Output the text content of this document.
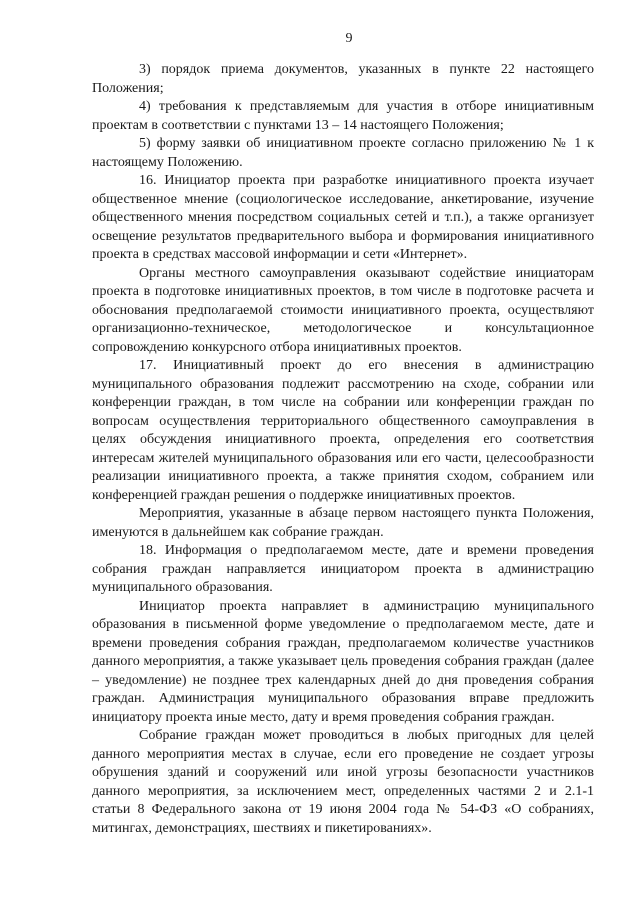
9

3) порядок приема документов, указанных в пункте 22 настоящего Положения;

4) требования к представляемым для участия в отборе инициативным проектам в соответствии с пунктами 13 – 14 настоящего Положения;

5) форму заявки об инициативном проекте согласно приложению № 1 к настоящему Положению.

16. Инициатор проекта при разработке инициативного проекта изучает общественное мнение (социологическое исследование, анкетирование, изучение общественного мнения посредством социальных сетей и т.п.), а также организует освещение результатов предварительного выбора и формирования инициативного проекта в средствах массовой информации и сети «Интернет».

Органы местного самоуправления оказывают содействие инициаторам проекта в подготовке инициативных проектов, в том числе в подготовке расчета и обоснования предполагаемой стоимости инициативного проекта, осуществляют организационно-техническое, методологическое и консультационное сопровождению конкурсного отбора инициативных проектов.

17. Инициативный проект до его внесения в администрацию муниципального образования подлежит рассмотрению на сходе, собрании или конференции граждан, в том числе на собрании или конференции граждан по вопросам осуществления территориального общественного самоуправления в целях обсуждения инициативного проекта, определения его соответствия интересам жителей муниципального образования или его части, целесообразности реализации инициативного проекта, а также принятия сходом, собранием или конференцией граждан решения о поддержке инициативных проектов.

Мероприятия, указанные в абзаце первом настоящего пункта Положения, именуются в дальнейшем как собрание граждан.

18. Информация о предполагаемом месте, дате и времени проведения собрания граждан направляется инициатором проекта в администрацию муниципального образования.

Инициатор проекта направляет в администрацию муниципального образования в письменной форме уведомление о предполагаемом месте, дате и времени проведения собрания граждан, предполагаемом количестве участников данного мероприятия, а также указывает цель проведения собрания граждан (далее – уведомление) не позднее трех календарных дней до дня проведения собрания граждан. Администрация муниципального образования вправе предложить инициатору проекта иные место, дату и время проведения собрания граждан.

Собрание граждан может проводиться в любых пригодных для целей данного мероприятия местах в случае, если его проведение не создает угрозы обрушения зданий и сооружений или иной угрозы безопасности участников данного мероприятия, за исключением мест, определенных частями 2 и 2.1-1 статьи 8 Федерального закона от 19 июня 2004 года № 54-ФЗ «О собраниях, митингах, демонстрациях, шествиях и пикетированиях».
